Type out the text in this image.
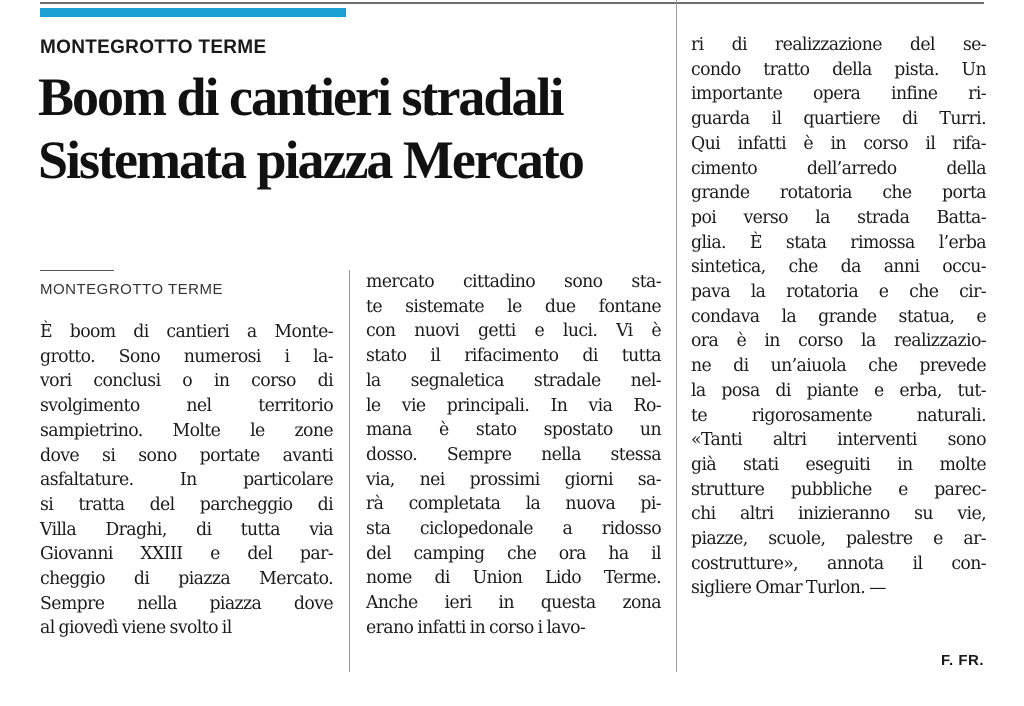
MONTEGROTTO TERME
Boom di cantieri stradali
Sistemata piazza Mercato
MONTEGROTTO TERME
È boom di cantieri a Monte-
grotto. Sono numerosi i la-
vori conclusi o in corso di
svolgimento nel territorio
sampietrino. Molte le zone
dove si sono portate avanti
asfaltature. In particolare
si tratta del parcheggio di
Villa Draghi, di tutta via
Giovanni XXIII e del par-
cheggio di piazza Mercato.
Sempre nella piazza dove
al giovedì viene svolto il
mercato cittadino sono sta-
te sistemate le due fontane
con nuovi getti e luci. Vi è
stato il rifacimento di tutta
la segnaletica stradale nel-
le vie principali. In via Ro-
mana è stato spostato un
dosso. Sempre nella stessa
via, nei prossimi giorni sa-
rà completata la nuova pi-
sta ciclopedonale a ridosso
del camping che ora ha il
nome di Union Lido Terme.
Anche ieri in questa zona
erano infatti in corso i lavo-
ri di realizzazione del se-
condo tratto della pista. Un
importante opera infine ri-
guarda il quartiere di Turri.
Qui infatti è in corso il rifa-
cimento dell’arredo della
grande rotatoria che porta
poi verso la strada Batta-
glia. È stata rimossa l’erba
sintetica, che da anni occu-
pava la rotatoria e che cir-
condava la grande statua, e
ora è in corso la realizzazio-
ne di un’aiuola che prevede
la posa di piante e erba, tut-
te rigorosamente naturali.
«Tanti altri interventi sono
già stati eseguiti in molte
strutture pubbliche e parec-
chi altri inizieranno su vie,
piazze, scuole, palestre e ar-
costrutture», annota il con-
sigliere Omar Turlon. —
F. FR.
